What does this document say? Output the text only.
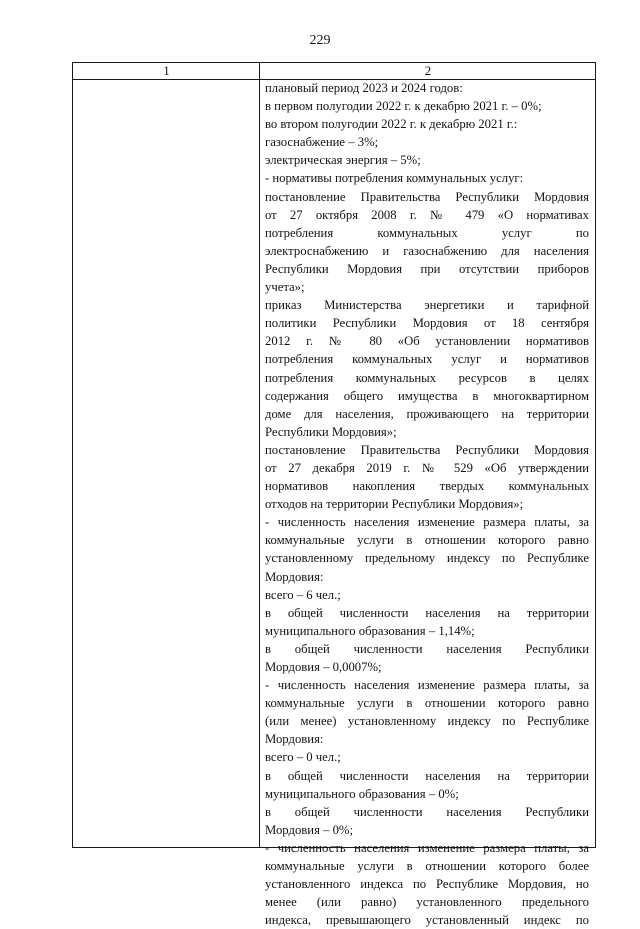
229
1	2
плановый период 2023 и 2024 годов:
в первом полугодии 2022 г. к декабрю 2021 г. – 0%;
во втором полугодии 2022 г. к декабрю 2021 г.:
газоснабжение – 3%;
электрическая энергия – 5%;
- нормативы потребления коммунальных услуг:
постановление Правительства Республики Мордовия
от 27 октября 2008 г. № 479 «О нормативах
потребления коммунальных услуг по
электроснабжению и газоснабжению для населения
Республики Мордовия при отсутствии приборов
учета»;
приказ Министерства энергетики и тарифной
политики Республики Мордовия от 18 сентября
2012 г. № 80 «Об установлении нормативов
потребления коммунальных услуг и нормативов
потребления коммунальных ресурсов в целях
содержания общего имущества в многоквартирном
доме для населения, проживающего на территории
Республики Мордовия»;
постановление Правительства Республики Мордовия
от 27 декабря 2019 г. № 529 «Об утверждении
нормативов накопления твердых коммунальных
отходов на территории Республики Мордовия»;
- численность населения изменение размера платы, за
коммунальные услуги в отношении которого равно
установленному предельному индексу по Республике
Мордовия:
всего – 6 чел.;
в общей численности населения на территории
муниципального образования – 1,14%;
в общей численности населения Республики
Мордовия – 0,0007%;
- численность населения изменение размера платы, за
коммунальные услуги в отношении которого равно
(или менее) установленному индексу по Республике
Мордовия:
всего – 0 чел.;
в общей численности населения на территории
муниципального образования – 0%;
в общей численности населения Республики
Мордовия – 0%;
- численность населения изменение размера платы, за
коммунальные услуги в отношении которого более
установленного индекса по Республике Мордовия, но
менее (или равно) установленного предельного
индекса, превышающего установленный индекс по
